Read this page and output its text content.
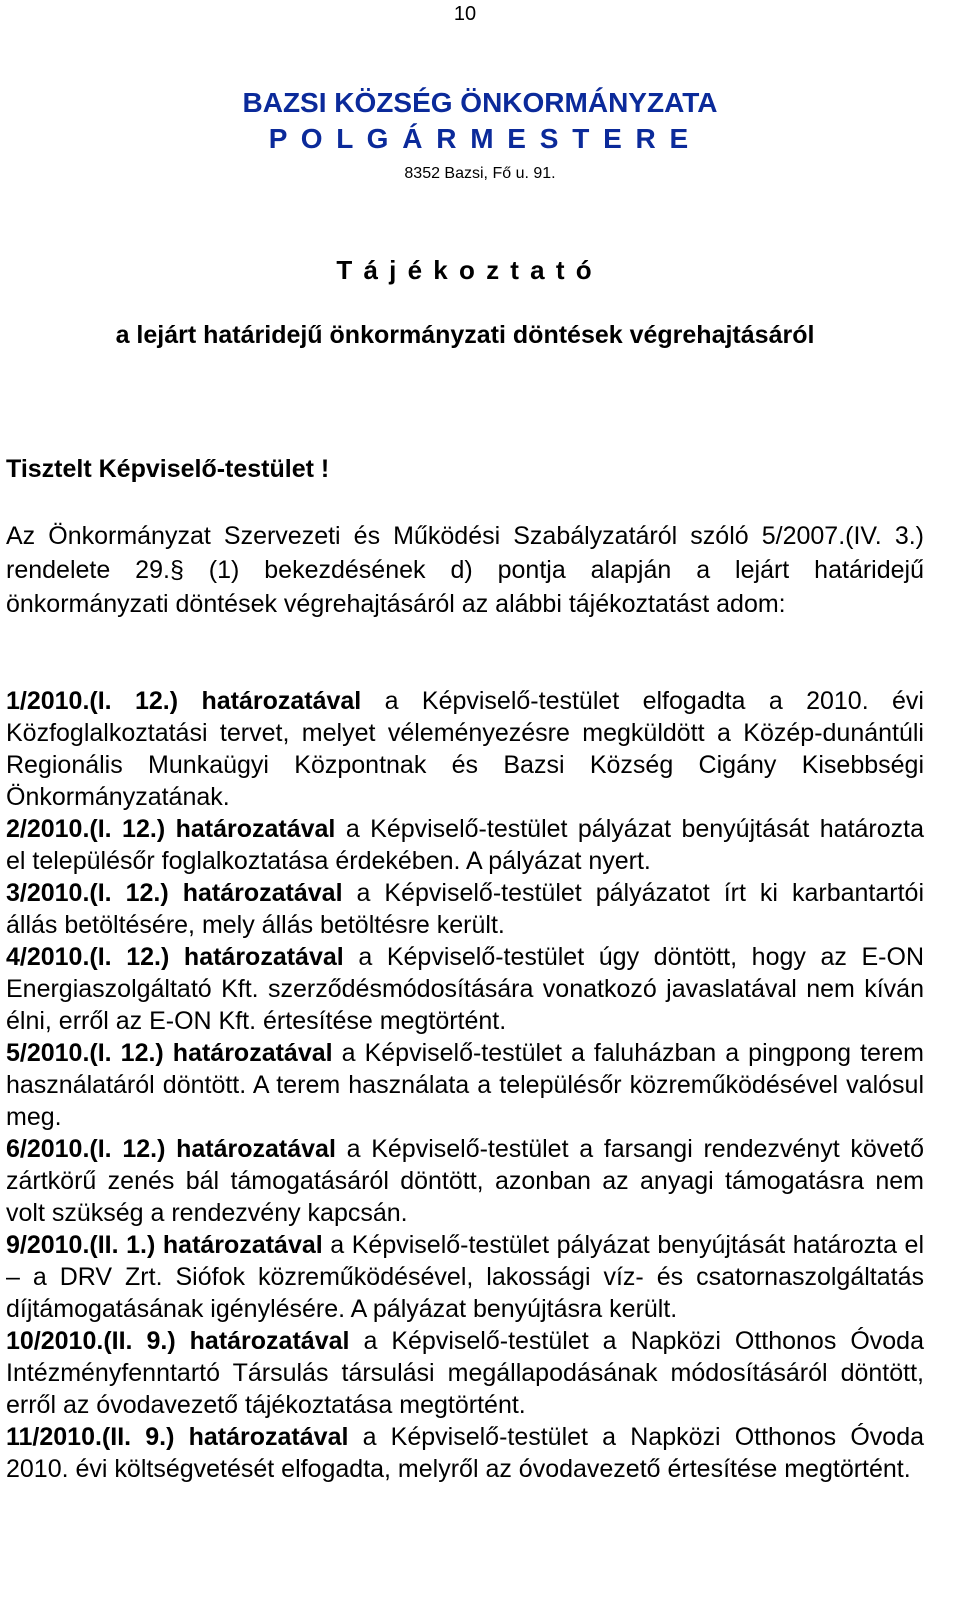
10
BAZSI KÖZSÉG ÖNKORMÁNYZATA
P O L G Á R M E S T E R E
8352 Bazsi, Fő u. 91.
T á j é k o z t a t ó
a lejárt határidejű önkormányzati döntések végrehajtásáról
Tisztelt Képviselő-testület !
Az Önkormányzat Szervezeti és Működési Szabályzatáról szóló 5/2007.(IV. 3.) rendelete 29.§ (1) bekezdésének d) pontja alapján a lejárt határidejű önkormányzati döntések végrehajtásáról az alábbi tájékoztatást adom:

1/2010.(I. 12.) határozatával a Képviselő-testület elfogadta a 2010. évi Közfoglalkoztatási tervet, melyet véleményezésre megküldött a Közép-dunántúli Regionális Munkaügyi Központnak és Bazsi Község Cigány Kisebbségi Önkormányzatának.

2/2010.(I. 12.) határozatával a Képviselő-testület pályázat benyújtását határozta el településőr foglalkoztatása érdekében. A pályázat nyert.

3/2010.(I. 12.) határozatával a Képviselő-testület pályázatot írt ki karbantartói állás betöltésére, mely állás betöltésre került.

4/2010.(I. 12.) határozatával a Képviselő-testület úgy döntött, hogy az E-ON Energiaszolgáltató Kft. szerződésmódosítására vonatkozó javaslatával nem kíván élni, erről az E-ON Kft. értesítése megtörtént.

5/2010.(I. 12.) határozatával a Képviselő-testület a faluházban a pingpong terem használatáról döntött. A terem használata a településőr közreműködésével valósul meg.

6/2010.(I. 12.) határozatával a Képviselő-testület a farsangi rendezvényt követő zártkörű zenés bál támogatásáról döntött, azonban az anyagi támogatásra nem volt szükség a rendezvény kapcsán.

9/2010.(II. 1.) határozatával a Képviselő-testület pályázat benyújtását határozta el – a DRV Zrt. Siófok közreműködésével, lakossági víz- és csatornaszolgáltatás díjtámogatásának igénylésére. A pályázat benyújtásra került.

10/2010.(II. 9.) határozatával a Képviselő-testület a Napközi Otthonos Óvoda Intézményfenntartó Társulás társulási megállapodásának módosításáról döntött, erről az óvodavezető tájékoztatása megtörtént.

11/2010.(II. 9.) határozatával a Képviselő-testület a Napközi Otthonos Óvoda 2010. évi költségvetését elfogadta, melyről az óvodavezető értesítése megtörtént.
